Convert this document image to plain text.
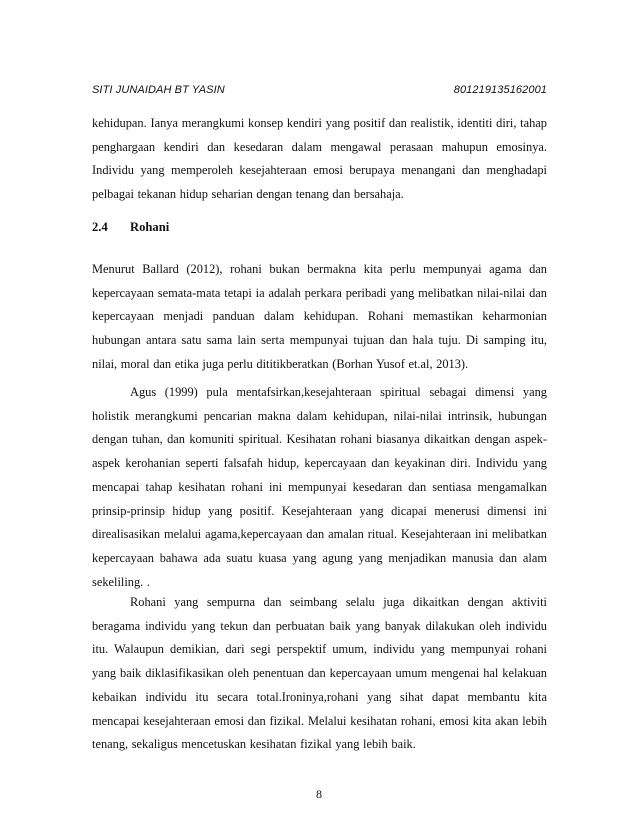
SITI JUNAIDAH BT YASIN	801219135162001
kehidupan. Ianya merangkumi konsep kendiri yang positif dan realistik, identiti diri, tahap penghargaan kendiri dan kesedaran dalam mengawal perasaan mahupun emosinya. Individu yang memperoleh kesejahteraan emosi berupaya menangani dan menghadapi pelbagai tekanan hidup seharian dengan tenang dan bersahaja.
2.4	Rohani
Menurut Ballard (2012), rohani bukan bermakna kita perlu mempunyai agama dan kepercayaan semata-mata tetapi ia adalah perkara peribadi yang melibatkan nilai-nilai dan kepercayaan menjadi panduan dalam kehidupan. Rohani memastikan keharmonian hubungan antara satu sama lain serta mempunyai tujuan dan hala tuju. Di samping itu, nilai, moral dan etika juga perlu dititikberatkan (Borhan Yusof et.al, 2013).
Agus (1999) pula mentafsirkan,kesejahteraan spiritual sebagai dimensi yang holistik merangkumi pencarian makna dalam kehidupan, nilai-nilai intrinsik, hubungan dengan tuhan, dan komuniti spiritual. Kesihatan rohani biasanya dikaitkan dengan aspek-aspek kerohanian seperti falsafah hidup, kepercayaan dan keyakinan diri. Individu yang mencapai tahap kesihatan rohani ini mempunyai kesedaran dan sentiasa mengamalkan prinsip-prinsip hidup yang positif. Kesejahteraan yang dicapai menerusi dimensi ini direalisasikan melalui agama,kepercayaan dan amalan ritual. Kesejahteraan ini melibatkan kepercayaan bahawa ada suatu kuasa yang agung yang menjadikan manusia dan alam sekeliling. .
Rohani yang sempurna dan seimbang selalu juga dikaitkan dengan aktiviti beragama individu yang tekun dan perbuatan baik yang banyak dilakukan oleh individu itu. Walaupun demikian, dari segi perspektif umum, individu yang mempunyai rohani yang baik diklasifikasikan oleh penentuan dan kepercayaan umum mengenai hal kelakuan kebaikan individu itu secara total.Ironinya,rohani yang sihat dapat membantu kita mencapai kesejahteraan emosi dan fizikal. Melalui kesihatan rohani, emosi kita akan lebih tenang, sekaligus mencetuskan kesihatan fizikal yang lebih baik.
8
